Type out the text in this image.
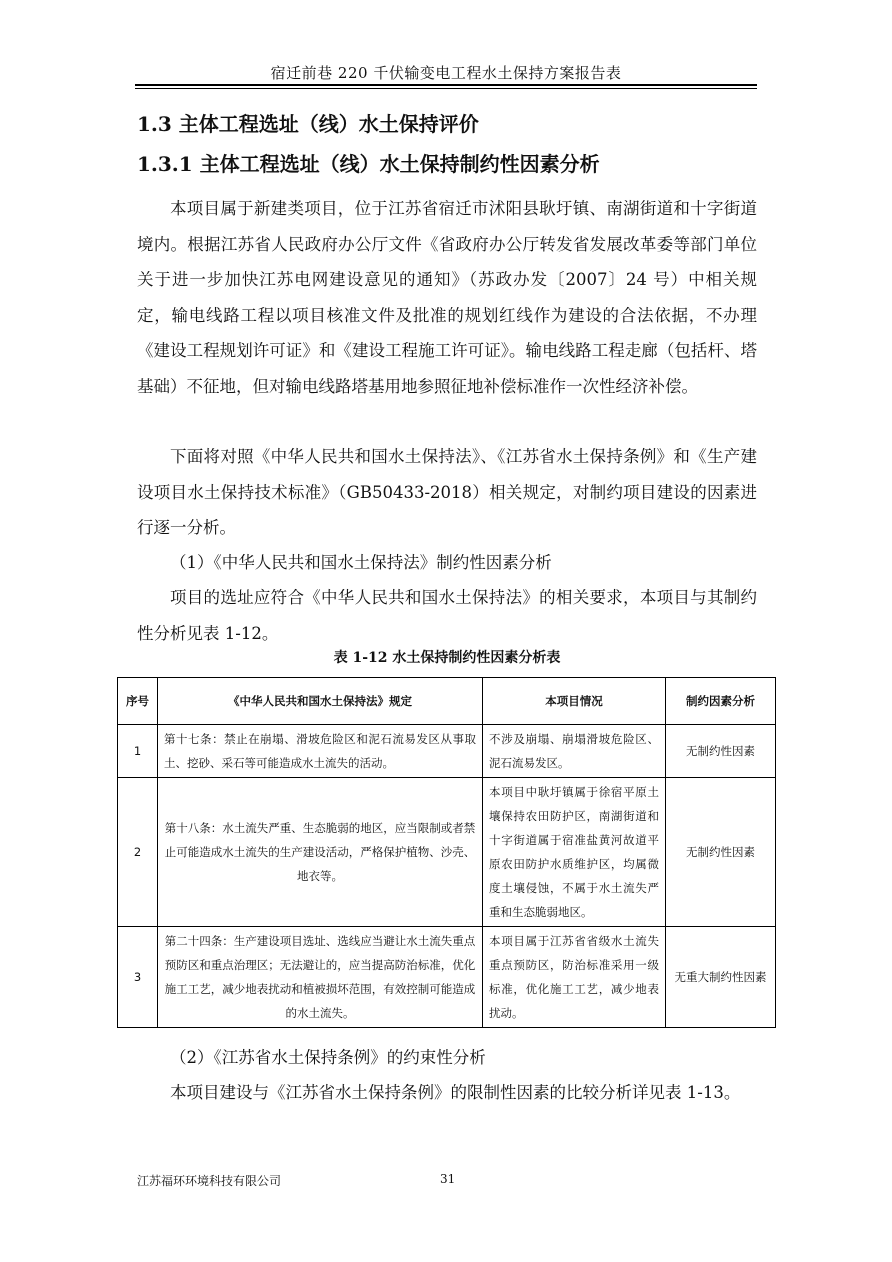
宿迁前巷 220 千伏输变电工程水土保持方案报告表
1.3 主体工程选址（线）水土保持评价
1.3.1 主体工程选址（线）水土保持制约性因素分析

本项目属于新建类项目，位于江苏省宿迁市沭阳县耿圩镇、南湖街道和十字街道境内。根据江苏省人民政府办公厅文件《省政府办公厅转发省发展改革委等部门单位关于进一步加快江苏电网建设意见的通知》（苏政办发〔2007〕24 号）中相关规定，输电线路工程以项目核准文件及批准的规划红线作为建设的合法依据，不办理《建设工程规划许可证》和《建设工程施工许可证》。输电线路工程走廊（包括杆、塔基础）不征地，但对输电线路塔基用地参照征地补偿标准作一次性经济补偿。

下面将对照《中华人民共和国水土保持法》、《江苏省水土保持条例》和《生产建设项目水土保持技术标准》（GB50433-2018）相关规定，对制约项目建设的因素进行逐一分析。

（1）《中华人民共和国水土保持法》制约性因素分析

项目的选址应符合《中华人民共和国水土保持法》的相关要求，本项目与其制约性分析见表 1-12。

表 1-12 水土保持制约性因素分析表
序号	《中华人民共和国水土保持法》规定	本项目情况	制约因素分析
1	第十七条：禁止在崩塌、滑坡危险区和泥石流易发区从事取土、挖砂、采石等可能造成水土流失的活动。	不涉及崩塌、崩塌滑坡危险区、泥石流易发区。	无制约性因素
2	第十八条：水土流失严重、生态脆弱的地区，应当限制或者禁止可能造成水土流失的生产建设活动，严格保护植物、沙壳、地衣等。	本项目中耿圩镇属于徐宿平原土壤保持农田防护区，南湖街道和十字街道属于宿准盐黄河故道平原农田防护水质维护区，均属微度土壤侵蚀，不属于水土流失严重和生态脆弱地区。	无制约性因素
3	第二十四条：生产建设项目选址、选线应当避让水土流失重点预防区和重点治理区；无法避让的，应当提高防治标准，优化施工工艺，减少地表扰动和植被损坏范围，有效控制可能造成的水土流失。	本项目属于江苏省省级水土流失重点预防区，防治标准采用一级标准，优化施工工艺，减少地表扰动。	无重大制约性因素

（2）《江苏省水土保持条例》的约束性分析

本项目建设与《江苏省水土保持条例》的限制性因素的比较分析详见表 1-13。

江苏福环环境科技有限公司	31
